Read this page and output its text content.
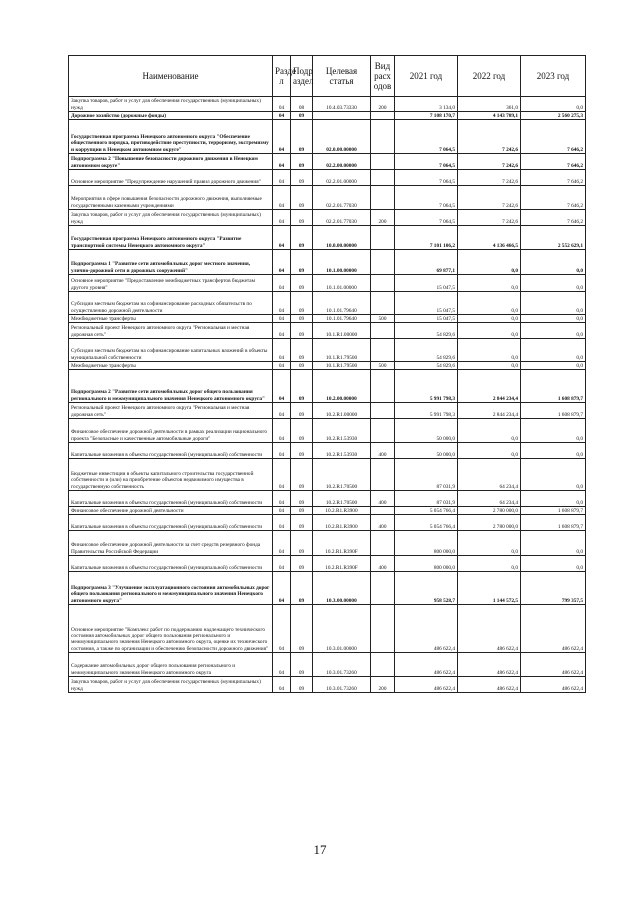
Наименование	Разде л	Подр аздел	Целевая статья	Вид расх одов	2021 год	2022 год	2023 год
Закупка товаров, работ и услуг для обеспечения государственных (муниципальных) нужд	04	08	10.4.03.73330	200	3 134,0	361,0	0,0
Дорожное хозяйство (дорожные фонды)	04	09			7 108 170,7	4 143 709,1	2 560 275,3
Государственная программа Ненецкого автономного округа "Обеспечение общественного порядка, противодействие преступности, терроризму, экстремизму и коррупции в Ненецком автономном округе"	04	09	02.0.00.00000		7 064,5	7 242,6	7 646,2
Подпрограмма 2 "Повышение безопасности дорожного движения в Ненецком автономном округе"	04	09	02.2.00.00000		7 064,5	7 242,6	7 646,2
Основное мероприятие "Предупреждение нарушений правил дорожного движения"	04	09	02.2.01.00000		7 064,5	7 242,6	7 646,2
Мероприятия в сфере повышения безопасности дорожного движения, выполняемые государственными казенными учреждениями	04	09	02.2.01.77030		7 064,5	7 242,6	7 646,2
Закупка товаров, работ и услуг для обеспечения государственных (муниципальных) нужд	04	09	02.2.01.77030	200	7 064,5	7 242,6	7 646,2
Государственная программа Ненецкого автономного округа "Развитие транспортной системы Ненецкого автономного округа"	04	09	10.0.00.00000		7 101 106,2	4 136 466,5	2 552 629,1
Подпрограмма 1 "Развитие сети автомобильных дорог местного значения, улично-дорожной сети и дорожных сооружений"	04	09	10.1.00.00000		69 877,1	0,0	0,0
Основное мероприятие "Предоставление межбюджетных трансфертов бюджетам другого уровня"	04	09	10.1.01.00000		15 047,5	0,0	0,0
Субсидии местным бюджетам на софинансирование расходных обязательств по осуществлению дорожной деятельности	04	09	10.1.01.79640		15 047,5	0,0	0,0
Межбюджетные трансферты	04	09	10.1.01.79640	500	15 047,5	0,0	0,0
Региональный проект Ненецкого автономного округа "Региональная и местная дорожная сеть"	04	09	10.1.R1.00000		54 829,6	0,0	0,0
Субсидии местным бюджетам на софинансирование капитальных вложений в объекты муниципальной собственности	04	09	10.1.R1.79500		54 829,6	0,0	0,0
Межбюджетные трансферты	04	09	10.1.R1.79500	500	54 829,6	0,0	0,0
Подпрограмма 2 "Развитие сети автомобильных дорог общего пользования регионального и межмуниципального значения Ненецкого автономного округа"	04	09	10.2.00.00000		5 991 798,3	2 844 234,4	1 608 879,7
Региональный проект Ненецкого автономного округа "Региональная и местная дорожная сеть"	04	09	10.2.R1.00000		5 991 798,3	2 844 234,4	1 608 879,7
Финансовое обеспечение дорожной деятельности в рамках реализации национального проекта "Безопасные и качественные автомобильные дороги"	04	09	10.2.R1.53930		50 000,0	0,0	0,0
Капитальные вложения в объекты государственной (муниципальной) собственности	04	09	10.2.R1.53930	400	50 000,0	0,0	0,0
Бюджетные инвестиции в объекты капитального строительства государственной собственности и (или) на приобретение объектов недвижимого имущества в государственную собственность	04	09	10.2.R1.70500		87 031,9	64 234,4	0,0
Капитальные вложения в объекты государственной (муниципальной) собственности	04	09	10.2.R1.70500	400	87 031,9	64 234,4	0,0
Финансовое обеспечение дорожной деятельности	04	09	10.2.R1.R3900		5 054 766,4	2 780 000,0	1 608 879,7
Капитальные вложения в объекты государственной (муниципальной) собственности	04	09	10.2.R1.R3900	400	5 054 766,4	2 780 000,0	1 608 879,7
Финансовое обеспечение дорожной деятельности за счет средств резервного фонда Правительства Российской Федерации	04	09	10.2.R1.R390F		800 000,0	0,0	0,0
Капитальные вложения в объекты государственной (муниципальной) собственности	04	09	10.2.R1.R390F	400	800 000,0	0,0	0,0
Подпрограмма 3 "Улучшение эксплуатационного состояния автомобильных дорог общего пользования регионального и межмуниципального значения Ненецкого автономного округа"	04	09	10.3.00.00000		958 528,7	1 144 572,5	799 357,5
Основное мероприятие "Комплекс работ по поддержанию надлежащего технического состояния автомобильных дорог общего пользования регионального и межмуниципального значения Ненецкого автономного округа, оценке их технического состояния, а также по организации и обеспечению безопасности дорожного движения"	04	09	10.3.01.00000		486 622,4	486 622,4	486 622,4
Содержание автомобильных дорог общего пользования регионального и межмуниципального значения Ненецкого автономного округа	04	09	10.3.01.73260		486 622,4	486 622,4	486 622,4
Закупка товаров, работ и услуг для обеспечения государственных (муниципальных) нужд	04	09	10.3.01.73260	200	486 622,4	486 622,4	486 622,4
17
